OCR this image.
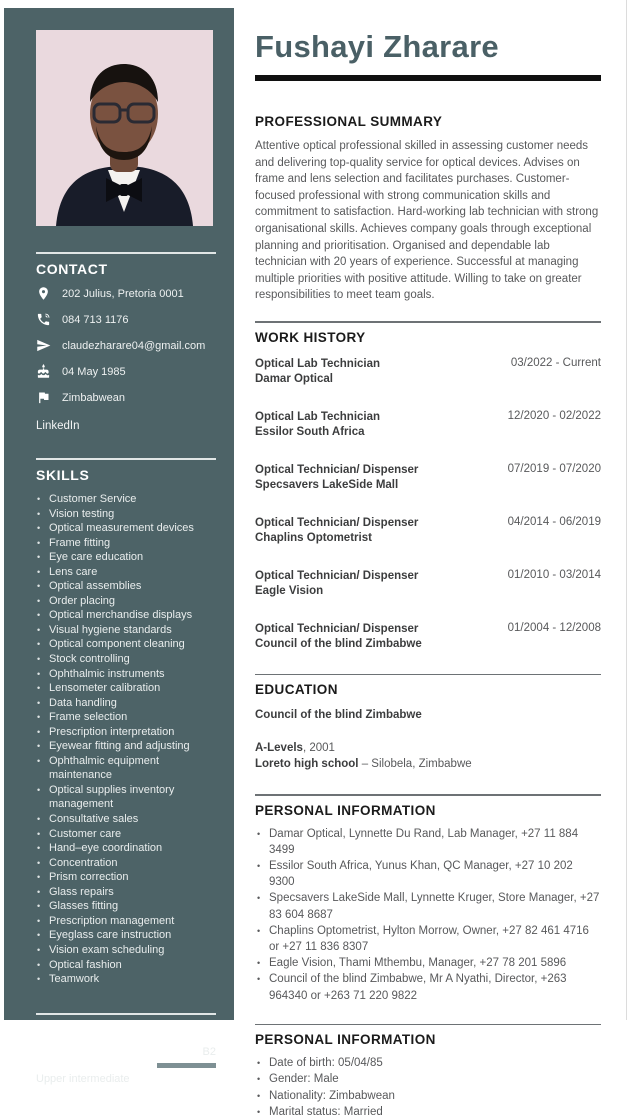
CONTACT
202 Julius, Pretoria 0001
084 713 1176
claudezharare04@gmail.com
04 May 1985
Zimbabwean
LinkedIn
SKILLS
• Customer Service
• Vision testing
• Optical measurement devices
• Frame fitting
• Eye care education
• Lens care
• Optical assemblies
• Order placing
• Optical merchandise displays
• Visual hygiene standards
• Optical component cleaning
• Stock controlling
• Ophthalmic instruments
• Lensometer calibration
• Data handling
• Frame selection
• Prescription interpretation
• Eyewear fitting and adjusting
• Ophthalmic equipment maintenance
• Optical supplies inventory management
• Consultative sales
• Customer care
• Hand–eye coordination
• Concentration
• Prism correction
• Glass repairs
• Glasses fitting
• Prescription management
• Eyeglass care instruction
• Vision exam scheduling
• Optical fashion
• Teamwork
LANGUAGES
English	B2
Upper intermediate
Fushayi Zharare
PROFESSIONAL SUMMARY

Attentive optical professional skilled in assessing customer needs and delivering top-quality service for optical devices. Advises on frame and lens selection and facilitates purchases. Customer-focused professional with strong communication skills and commitment to satisfaction. Hard-working lab technician with strong organisational skills. Achieves company goals through exceptional planning and prioritisation. Organised and dependable lab technician with 20 years of experience. Successful at managing multiple priorities with positive attitude. Willing to take on greater responsibilities to meet team goals.

WORK HISTORY
Optical Lab Technician
Damar Optical
03/2022 - Current
Optical Lab Technician
Essilor South Africa
12/2020 - 02/2022
Optical Technician/ Dispenser
Specsavers LakeSide Mall
07/2019 - 07/2020
Optical Technician/ Dispenser
Chaplins Optometrist
04/2014 - 06/2019
Optical Technician/ Dispenser
Eagle Vision
01/2010 - 03/2014
Optical Technician/ Dispenser
Council of the blind Zimbabwe
01/2004 - 12/2008
EDUCATION
Council of the blind Zimbabwe
A-Levels, 2001
Loreto high school – Silobela, Zimbabwe
PERSONAL INFORMATION
• Damar Optical, Lynnette Du Rand, Lab Manager, +27 11 884 3499
• Essilor South Africa, Yunus Khan, QC Manager, +27 10 202 9300
• Specsavers LakeSide Mall, Lynnette Kruger, Store Manager, +27 83 604 8687
• Chaplins Optometrist, Hylton Morrow, Owner, +27 82 461 4716 or +27 11 836 8307
• Eagle Vision, Thami Mthembu, Manager, +27 78 201 5896
• Council of the blind Zimbabwe, Mr A Nyathi, Director, +263 964340 or +263 71 220 9822
PERSONAL INFORMATION
• Date of birth: 05/04/85
• Gender: Male
• Nationality: Zimbabwean
• Marital status: Married
